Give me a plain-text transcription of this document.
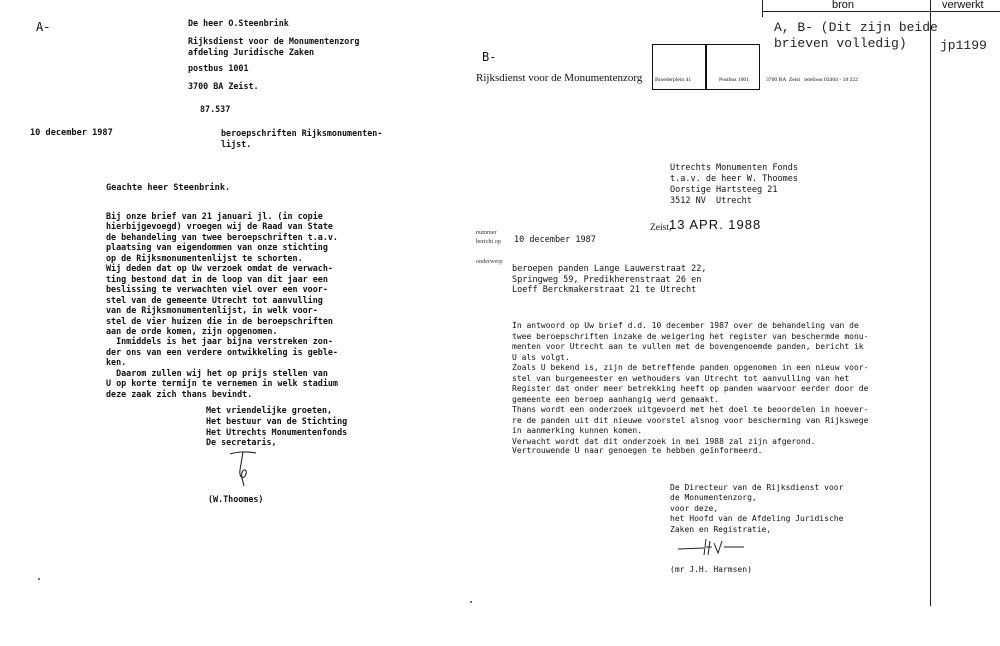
bron	verwerkt
A, B- (Dit zijn beide
brieven volledig)	jp1199
A-	De heer O.Steenbrink
Rijksdienst voor de Monumentenzorg
afdeling Juridische Zaken
postbus 1001
3700 BA Zeist.
87.537
10 december 1987	beroepschriften Rijksmonumenten-
lijst.
Geachte heer Steenbrink.
Bij onze brief van 21 januari jl. (in copie
hierbijgevoegd) vroegen wij de Raad van State
de behandeling van twee beroepschriften t.a.v.
plaatsing van eigendommen van onze stichting
op de Rijksmonumentenlijst te schorten.
Wij deden dat op Uw verzoek omdat de verwach-
ting bestond dat in de loop van dit jaar een
beslissing te verwachten viel over een voor-
stel van de gemeente Utrecht tot aanvulling
van de Rijksmonumentenlijst, in welk voor-
stel de vier huizen die in de beroepschriften
aan de orde komen, zijn opgenomen.
Inmiddels is het jaar bijna verstreken zon-
der ons van een verdere ontwikkeling is geble-
ken.
Daarom zullen wij het op prijs stellen van
U op korte termijn te vernemen in welk stadium
deze zaak zich thans bevindt.
Met vriendelijke groeten,
Het bestuur van de Stichting
Het Utrechts Monumentenfonds
De secretaris,
(W.Thoomes)
B-
Rijksdienst voor de Monumentenzorg Broederplein 41	Postbus 1001	3700 BA  Zeist   telefoon 03404 - 18 222
Utrechts Monumenten Fonds
t.a.v. de heer W. Thoomes
Oorstige Hartsteeg 21
3512 NV  Utrecht
Zeist,
13 APR. 1988
nummer
bericht op 10 december 1987
onderwerp
beroepen panden Lange Lauwerstraat 22,
Springweg 59, Predikherenstraat 26 en
Loeff Berckmakerstraat 21 te Utrecht
In antwoord op Uw brief d.d. 10 december 1987 over de behandeling van de
twee beroepschriften inzake de weigering het register van beschermde monu-
menten voor Utrecht aan te vullen met de bovengenoemde panden, bericht ik
U als volgt.
Zoals U bekend is, zijn de betreffende panden opgenomen in een nieuw voor-
stel van burgemeester en wethouders van Utrecht tot aanvulling van het
Register dat onder meer betrekking heeft op panden waarvoor eerder door de
gemeente een beroep aanhangig werd gemaakt.
Thans wordt een onderzoek uitgevoerd met het doel te beoordelen in hoever-
re de panden uit dit nieuwe voorstel alsnog voor bescherming van Rijkswege
in aanmerking kunnen komen.
Verwacht wordt dat dit onderzoek in mei 1988 zal zijn afgerond.
Vertrouwende U naar genoegen te hebben geïnformeerd.
De Directeur van de Rijksdienst voor
de Monumentenzorg,
voor deze,
het Hoofd van de Afdeling Juridische
Zaken en Registratie,
(mr J.H. Harmsen)
